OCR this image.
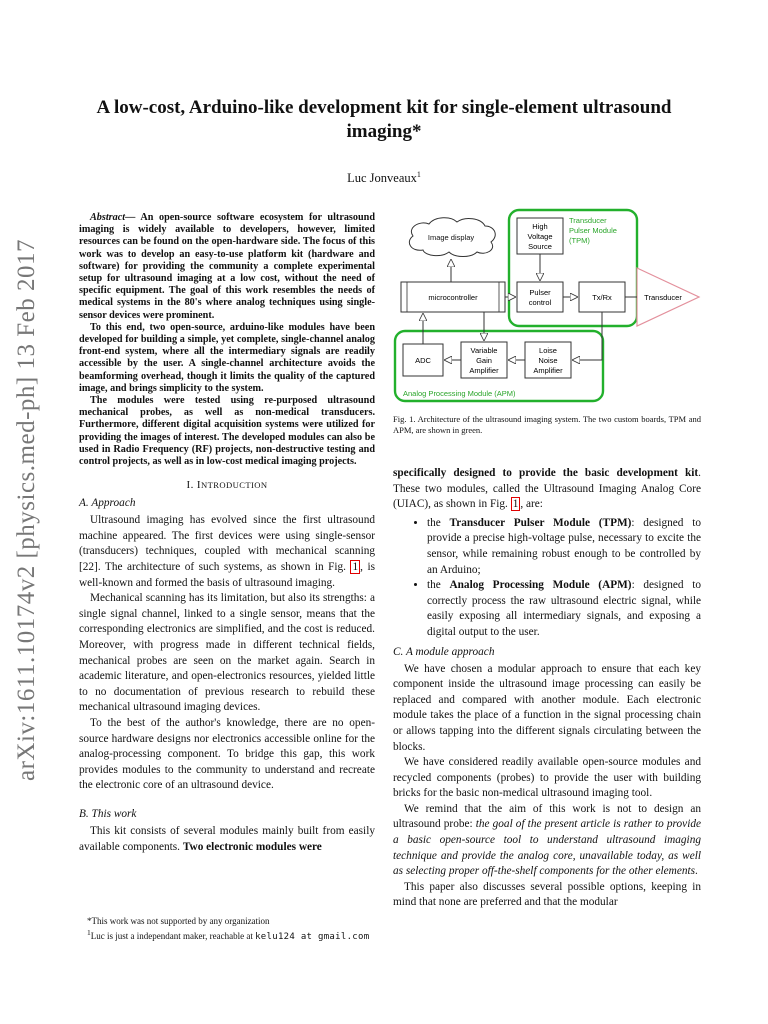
arXiv:1611.10174v2 [physics.med-ph] 13 Feb 2017
A low-cost, Arduino-like development kit for single-element ultrasound imaging*
Luc Jonveaux$^1$

Abstract— An open-source software ecosystem for ultrasound imaging is widely available to developers, however, limited resources can be found on the open-hardware side. The focus of this work was to develop an easy-to-use platform kit (hardware and software) for providing the community a complete experimental setup for ultrasound imaging at a low cost, without the need of specific equipment. The goal of this work resembles the needs of medical systems in the 80's where analog techniques using single-sensor devices were prominent.

To this end, two open-source, arduino-like modules have been developed for building a simple, yet complete, single-channel analog front-end system, where all the intermediary signals are readily accessible by the user. A single-channel architecture avoids the beamforming overhead, though it limits the quality of the captured image, and brings simplicity to the system.

The modules were tested using re-purposed ultrasound mechanical probes, as well as non-medical transducers. Furthermore, different digital acquisition systems were utilized for providing the images of interest. The developed modules can also be used in Radio Frequency (RF) projects, non-destructive testing and control projects, as well as in low-cost medical imaging projects.

I. INTRODUCTION
A. Approach

Ultrasound imaging has evolved since the first ultrasound machine appeared. The first devices were using single-sensor (transducers) techniques, coupled with mechanical scanning [22]. The architecture of such systems, as shown in Fig. 1 , is well-known and formed the basis of ultrasound imaging.

Mechanical scanning has its limitation, but also its strengths: a single signal channel, linked to a single sensor, means that the corresponding electronics are simplified, and the cost is reduced. Moreover, with progress made in different technical fields, mechanical probes are seen on the market again. Search in academic literature, and open-electronics resources, yielded little to no documentation of previous research to rebuild these mechanical ultrasound imaging devices.

To the best of the author's knowledge, there are no open-source hardware designs nor electronics accessible online for the analog-processing component. To bridge this gap, this work provides modules to the community to understand and recreate the electronic core of an ultrasound device.

B. This work

This kit consists of several modules mainly built from easily available components. Two electronic modules were

*This work was not supported by any organization

$^1$Luc is just a independant maker, reachable at kelu124 at gmail.com

Transducer
Pulser Module
(TPM)
Analog Processing Module (APM)
Image display
High
Voltage
Source
microcontroller
Pulser
control
Tx/Rx	Transducer
ADC
Variable
Gain
Amplifier
Loise
Noise
Amplifier
Fig. 1. Architecture of the ultrasound imaging system. The two custom boards, TPM and APM, are shown in green.

specifically designed to provide the basic development kit. These two modules, called the Ultrasound Imaging Analog Core (UIAC), as shown in Fig. 1 , are:

• the Transducer Pulser Module (TPM): designed to provide a precise high-voltage pulse, necessary to excite the sensor, while remaining robust enough to be controlled by an Arduino;
• the Analog Processing Module (APM): designed to correctly process the raw ultrasound electric signal, while easily exposing all intermediary signals, and exposing a digital output to the user.
C. A module approach

We have chosen a modular approach to ensure that each key component inside the ultrasound image processing can easily be replaced and compared with another module. Each electronic module takes the place of a function in the signal processing chain or allows tapping into the different signals circulating between the blocks.

We have considered readily available open-source modules and recycled components (probes) to provide the user with building bricks for the basic non-medical ultrasound imaging tool.

We remind that the aim of this work is not to design an ultrasound probe: the goal of the present article is rather to provide a basic open-source tool to understand ultrasound imaging technique and provide the analog core, unavailable today, as well as selecting proper off-the-shelf components for the other elements.

This paper also discusses several possible options, keeping in mind that none are preferred and that the modular
